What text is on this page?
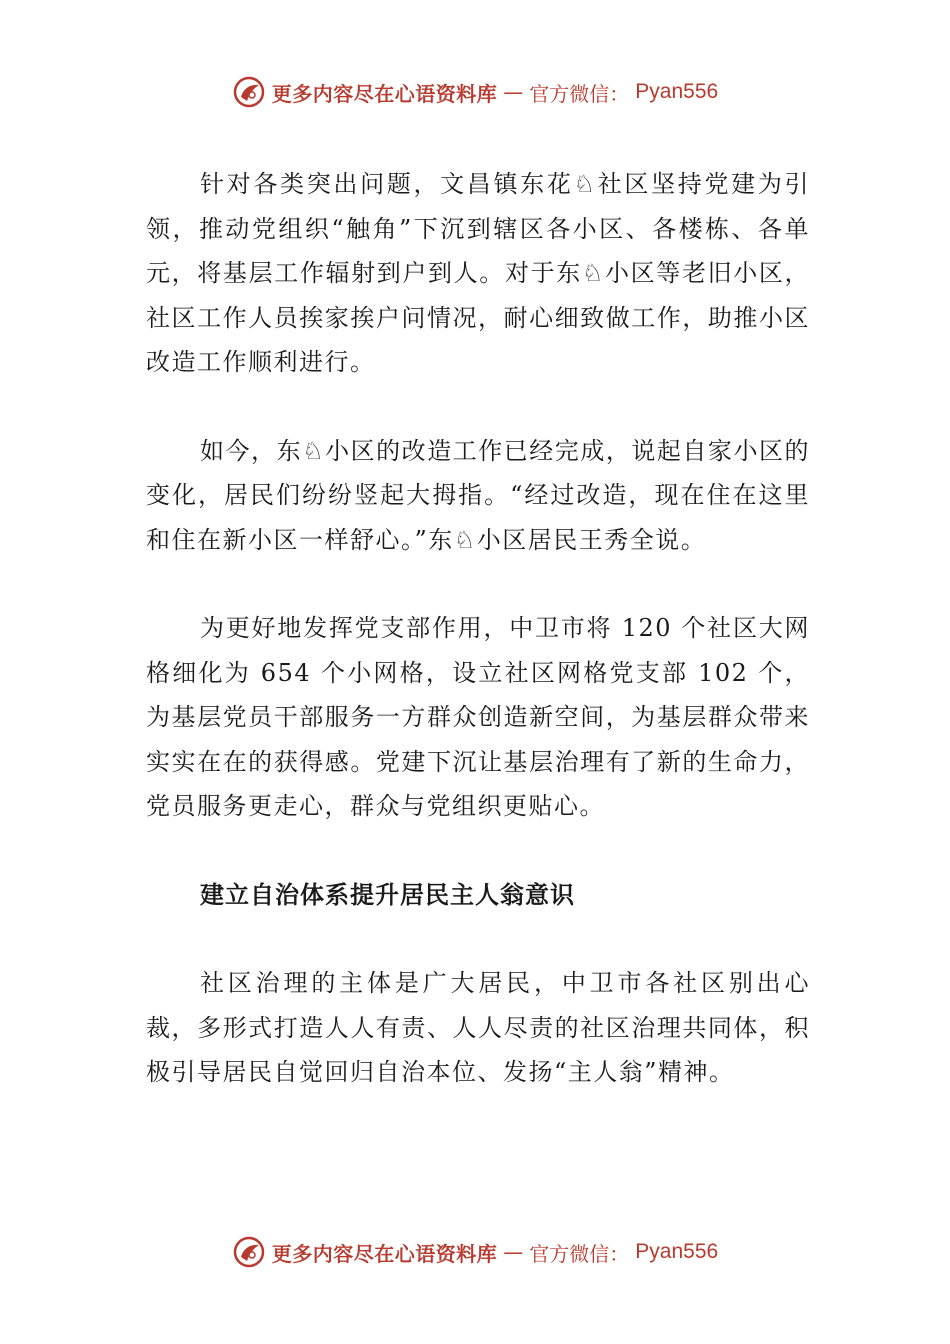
更多内容尽在心语资料库 — 官方微信： Pyan556

针对各类突出问题，文昌镇东花♘社区坚持党建为引领，推动党组织“触角”下沉到辖区各小区、各楼栋、各单元，将基层工作辐射到户到人。对于东♘小区等老旧小区，社区工作人员挨家挨户问情况，耐心细致做工作，助推小区改造工作顺利进行。

如今，东♘小区的改造工作已经完成，说起自家小区的变化，居民们纷纷竖起大拇指。“经过改造，现在住在这里和住在新小区一样舒心。”东♘小区居民王秀全说。

为更好地发挥党支部作用，中卫市将 120 个社区大网格细化为 654 个小网格，设立社区网格党支部 102 个，为基层党员干部服务一方群众创造新空间，为基层群众带来实实在在的获得感。党建下沉让基层治理有了新的生命力，党员服务更走心，群众与党组织更贴心。

建立自治体系提升居民主人翁意识

社区治理的主体是广大居民，中卫市各社区别出心裁，多形式打造人人有责、人人尽责的社区治理共同体，积极引导居民自觉回归自治本位、发扬“主人翁”精神。

更多内容尽在心语资料库 — 官方微信： Pyan556
